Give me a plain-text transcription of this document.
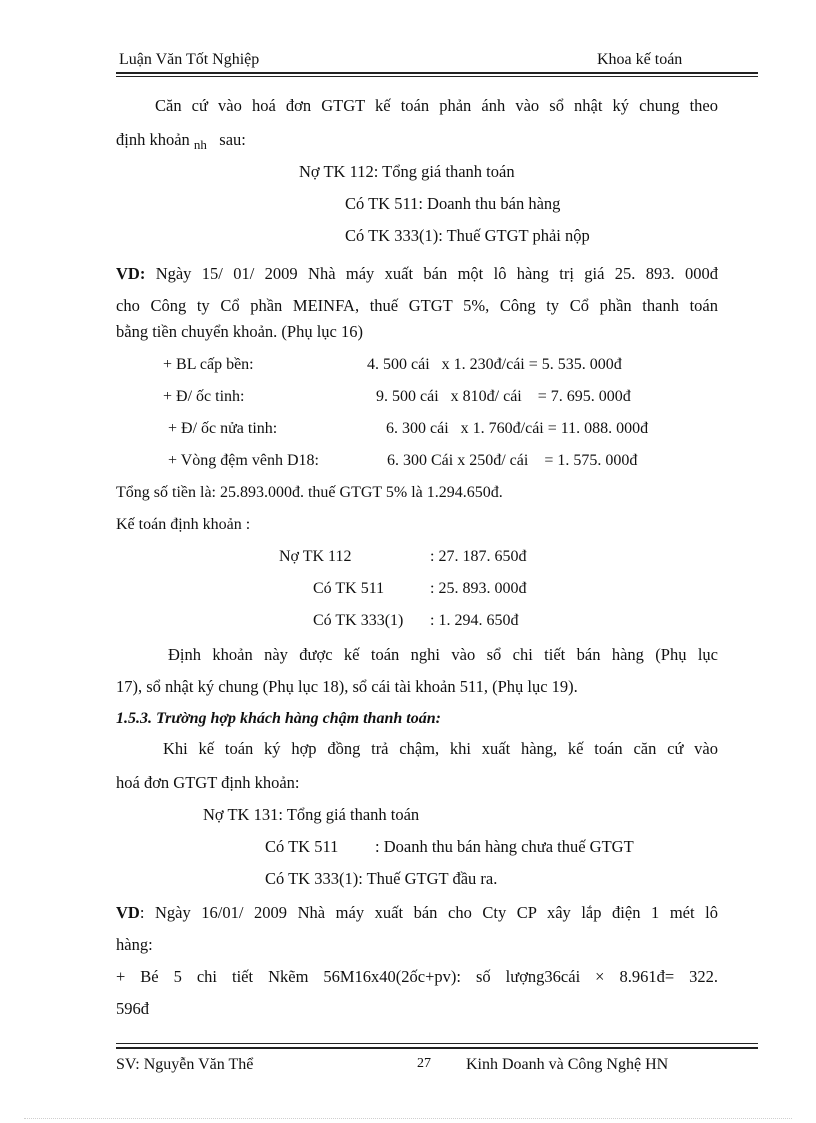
Luận Văn Tốt Nghiệp	Khoa kế toán
Căn cứ vào hoá đơn GTGT kế toán phản ánh vào sổ nhật ký chung theo
định khoản $_{nh}$ sau:
Nợ TK 112: Tổng giá thanh toán
Có TK 511: Doanh thu bán hàng
Có TK 333(1): Thuế GTGT phải nộp
VD: Ngày 15/ 01/ 2009 Nhà máy xuất bán một lô hàng trị giá 25. 893. 000đ
cho Công ty Cổ phần MEINFA, thuế GTGT 5%, Công ty Cổ phần thanh toán
bằng tiền chuyển khoản. (Phụ lục 16)
+ BL cấp bền:	4. 500 cái   x 1. 230đ/cái = 5. 535. 000đ
+ Đ/ ốc tinh:	9. 500 cái   x 810đ/ cái    = 7. 695. 000đ
+ Đ/ ốc nửa tinh:	6. 300 cái   x 1. 760đ/cái = 11. 088. 000đ
+ Vòng đệm vênh D18:	6. 300 Cái x 250đ/ cái    = 1. 575. 000đ
Tổng số tiền là: 25.893.000đ. thuế GTGT 5% là 1.294.650đ.
Kế toán định khoản :
Nợ TK 112	: 27. 187. 650đ
Có TK 511	: 25. 893. 000đ
Có TK 333(1) : 1. 294. 650đ
Định khoản này được kế toán nghi vào sổ chi tiết bán hàng (Phụ lục
17), sổ nhật ký chung (Phụ lục 18), sổ cái tài khoản 511, (Phụ lục 19).
1.5.3. Trường hợp khách hàng chậm thanh toán:
Khi kế toán ký hợp đồng trả chậm, khi xuất hàng, kế toán căn cứ vào
hoá đơn GTGT định khoản:
Nợ TK 131: Tổng giá thanh toán
Có TK 511 : Doanh thu bán hàng chưa thuế GTGT
Có TK 333(1): Thuế GTGT đầu ra.
VD: Ngày 16/01/ 2009 Nhà máy xuất bán cho Cty CP xây lắp điện 1 mét lô
hàng:
+ Bé 5 chi tiết Nkẽm 56M16x40(2ốc+pv): số lượng36cái × 8.961đ= 322.
596đ
SV: Nguyễn Văn Thể	27 Kinh Doanh và Công Nghệ HN
